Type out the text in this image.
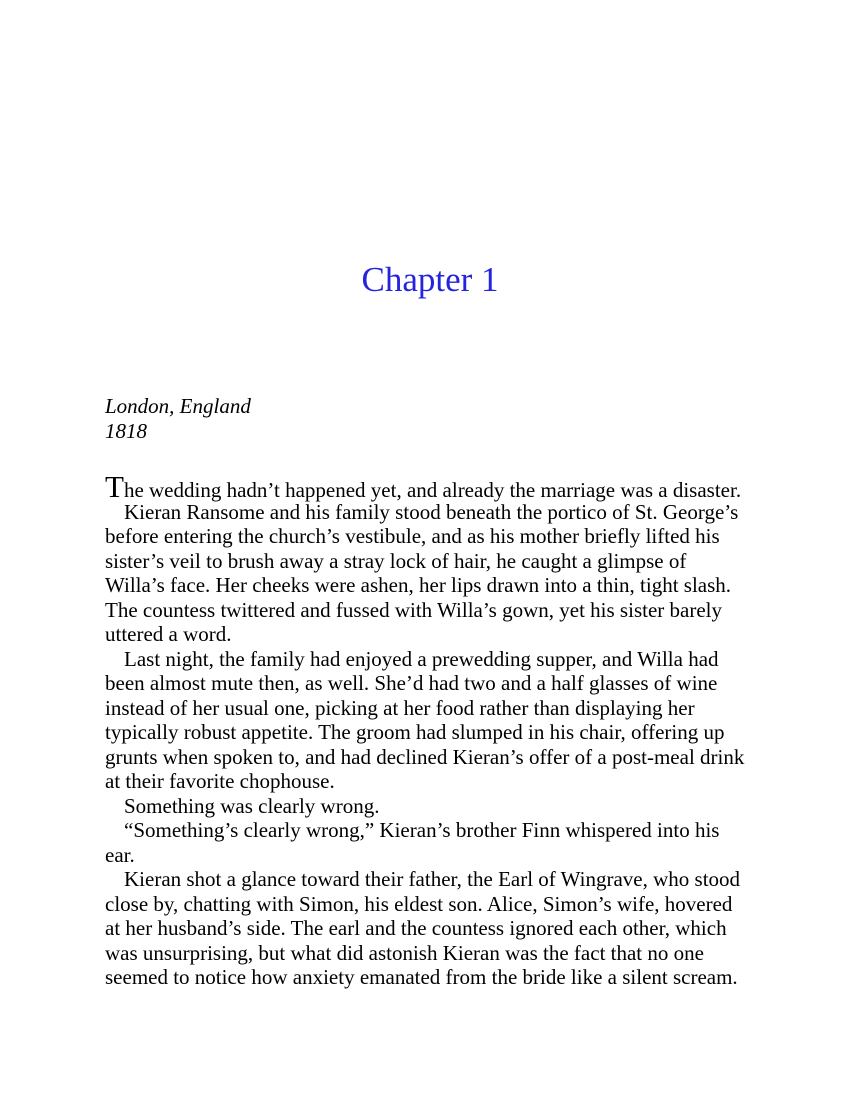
Chapter 1
London, England
1818
The wedding hadn’t happened yet, and already the marriage was a disaster.
Kieran Ransome and his family stood beneath the portico of St. George’s
before entering the church’s vestibule, and as his mother briefly lifted his
sister’s veil to brush away a stray lock of hair, he caught a glimpse of
Willa’s face. Her cheeks were ashen, her lips drawn into a thin, tight slash.
The countess twittered and fussed with Willa’s gown, yet his sister barely
uttered a word.
Last night, the family had enjoyed a prewedding supper, and Willa had
been almost mute then, as well. She’d had two and a half glasses of wine
instead of her usual one, picking at her food rather than displaying her
typically robust appetite. The groom had slumped in his chair, offering up
grunts when spoken to, and had declined Kieran’s offer of a post-meal drink
at their favorite chophouse.
Something was clearly wrong.
“Something’s clearly wrong,” Kieran’s brother Finn whispered into his
ear.
Kieran shot a glance toward their father, the Earl of Wingrave, who stood
close by, chatting with Simon, his eldest son. Alice, Simon’s wife, hovered
at her husband’s side. The earl and the countess ignored each other, which
was unsurprising, but what did astonish Kieran was the fact that no one
seemed to notice how anxiety emanated from the bride like a silent scream.
